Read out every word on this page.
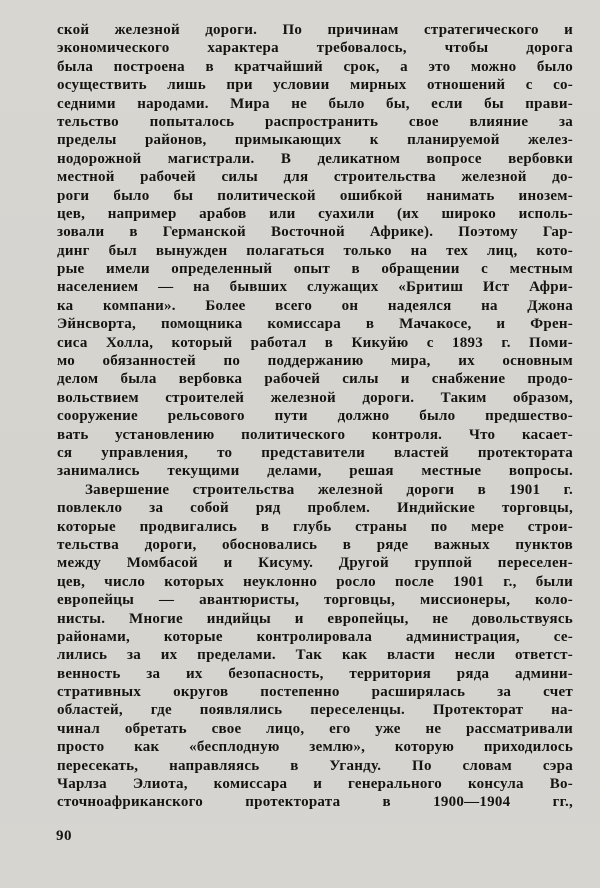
ской железной дороги. По причинам стратегического и
экономического характера требовалось, чтобы дорога
была построена в кратчайший срок, а это можно было
осуществить лишь при условии мирных отношений с со-
седними народами. Мира не было бы, если бы прави-
тельство попыталось распространить свое влияние за
пределы районов, примыкающих к планируемой желез-
нодорожной магистрали. В деликатном вопросе вербовки
местной рабочей силы для строительства железной до-
роги было бы политической ошибкой нанимать инозем-
цев, например арабов или суахили (их широко исполь-
зовали в Германской Восточной Африке). Поэтому Гар-
динг был вынужден полагаться только на тех лиц, кото-
рые имели определенный опыт в обращении с местным
населением — на бывших служащих «Бритиш Ист Афри-
ка компани». Более всего он надеялся на Джона
Эйнсворта, помощника комиссара в Мачакосе, и Френ-
сиса Холла, который работал в Кикуйю с 1893 г. Поми-
мо обязанностей по поддержанию мира, их основным
делом была вербовка рабочей силы и снабжение продо-
вольствием строителей железной дороги. Таким образом,
сооружение рельсового пути должно было предшество-
вать установлению политического контроля. Что касает-
ся управления, то представители властей протектората
занимались текущими делами, решая местные вопросы.
Завершение строительства железной дороги в 1901 г.
повлекло за собой ряд проблем. Индийские торговцы,
которые продвигались в глубь страны по мере строи-
тельства дороги, обосновались в ряде важных пунктов
между Момбасой и Кисуму. Другой группой переселен-
цев, число которых неуклонно росло после 1901 г., были
европейцы — авантюристы, торговцы, миссионеры, коло-
нисты. Многие индийцы и европейцы, не довольствуясь
районами, которые контролировала администрация, се-
лились за их пределами. Так как власти несли ответст-
венность за их безопасность, территория ряда админи-
стративных округов постепенно расширялась за счет
областей, где появлялись переселенцы. Протекторат на-
чинал обретать свое лицо, его уже не рассматривали
просто как «бесплодную землю», которую приходилось
пересекать, направляясь в Уганду. По словам сэра
Чарлза Элиота, комиссара и генерального консула Во-
сточноафриканского протектората в 1900—1904 гг.,
90
